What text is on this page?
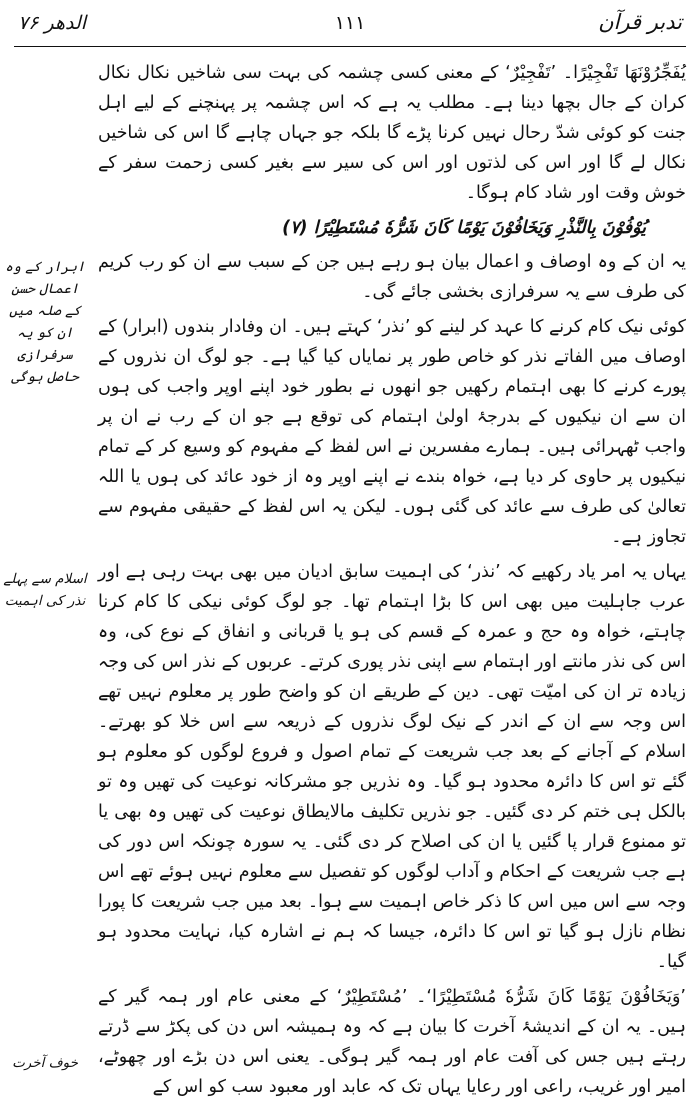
تدبر قرآن
۱۱۱
الدھر ۷۶

یُفَجِّرُوْنَهَا تَفْجِیْرًا۔ ’تَفْجِیْرٌ‘ کے معنی کسی چشمہ کی بہت سی شاخیں نکال نکال کران کے جال بچھا دینا ہے۔ مطلب یہ ہے کہ اس چشمہ پر پہنچنے کے لیے اہل جنت کو کوئی شدّ رحال نہیں کرنا پڑے گا بلکہ جو جہاں چاہے گا اس کی شاخیں نکال لے گا اور اس کی لذتوں اور اس کی سیر سے بغیر کسی زحمت سفر کے خوش وقت اور شاد کام ہوگا۔

یُوْفُوْنَ بِالنَّذْرِ وَیَخَافُوْنَ یَوْمًا کَانَ شَرُّهٗ مُسْتَطِیْرًا (۷)

یہ ان کے وہ اوصاف و اعمال بیان ہو رہے ہیں جن کے سبب سے ان کو رب کریم کی طرف سے یہ سرفرازی بخشی جائے گی۔

کوئی نیک کام کرنے کا عہد کر لینے کو ’نذر‘ کہتے ہیں۔ ان وفادار بندوں (ابرار) کے اوصاف میں الفاتے نذر کو خاص طور پر نمایاں کیا گیا ہے۔ جو لوگ ان نذروں کے پورے کرنے کا بھی اہتمام رکھیں جو انھوں نے بطور خود اپنے اوپر واجب کی ہوں ان سے ان نیکیوں کے بدرجۂ اولیٰ اہتمام کی توقع ہے جو ان کے رب نے ان پر واجب ٹھہرائی ہیں۔ ہمارے مفسرین نے اس لفظ کے مفہوم کو وسیع کر کے تمام نیکیوں پر حاوی کر دیا ہے، خواہ بندے نے اپنے اوپر وہ از خود عائد کی ہوں یا اللہ تعالیٰ کی طرف سے عائد کی گئی ہوں۔ لیکن یہ اس لفظ کے حقیقی مفہوم سے تجاوز ہے۔

یہاں یہ امر یاد رکھیے کہ ’نذر‘ کی اہمیت سابق ادیان میں بھی بہت رہی ہے اور عرب جاہلیت میں بھی اس کا بڑا اہتمام تھا۔ جو لوگ کوئی نیکی کا کام کرنا چاہتے، خواہ وہ حج و عمرہ کے قسم کی ہو یا قربانی و انفاق کے نوع کی، وہ اس کی نذر مانتے اور اہتمام سے اپنی نذر پوری کرتے۔ عربوں کے نذر اس کی وجہ زیادہ تر ان کی امیّت تھی۔ دین کے طریقے ان کو واضح طور پر معلوم نہیں تھے اس وجہ سے ان کے اندر کے نیک لوگ نذروں کے ذریعہ سے اس خلا کو بھرتے۔ اسلام کے آجانے کے بعد جب شریعت کے تمام اصول و فروع لوگوں کو معلوم ہو گئے تو اس کا دائرہ محدود ہو گیا۔ وہ نذریں جو مشرکانہ نوعیت کی تھیں وہ تو بالکل ہی ختم کر دی گئیں۔ جو نذریں تکلیف مالایطاق نوعیت کی تھیں وہ بھی یا تو ممنوع قرار پا گئیں یا ان کی اصلاح کر دی گئی۔ یہ سورہ چونکہ اس دور کی ہے جب شریعت کے احکام و آداب لوگوں کو تفصیل سے معلوم نہیں ہوئے تھے اس وجہ سے اس میں اس کا ذکر خاص اہمیت سے ہوا۔ بعد میں جب شریعت کا پورا نظام نازل ہو گیا تو اس کا دائرہ، جیسا کہ ہم نے اشارہ کیا، نہایت محدود ہو گیا۔

’وَیَخَافُوْنَ یَوْمًا کَانَ شَرُّهٗ مُسْتَطِیْرًا‘۔ ’مُسْتَطِیْرٌ‘ کے معنی عام اور ہمہ گیر کے ہیں۔ یہ ان کے اندیشۂ آخرت کا بیان ہے کہ وہ ہمیشہ اس دن کی پکڑ سے ڈرتے رہتے ہیں جس کی آفت عام اور ہمہ گیر ہوگی۔ یعنی اس دن بڑے اور چھوٹے، امیر اور غریب، راعی اور رعایا یہاں تک کہ عابد اور معبود سب کو اس کے

ابرار کے وہ اعمال حسن کے صلہ میں ان کو یہ سرفرازی حاصل ہوگی
اسلام سے پہلے نذر کی اہمیت
خوف آخرت
